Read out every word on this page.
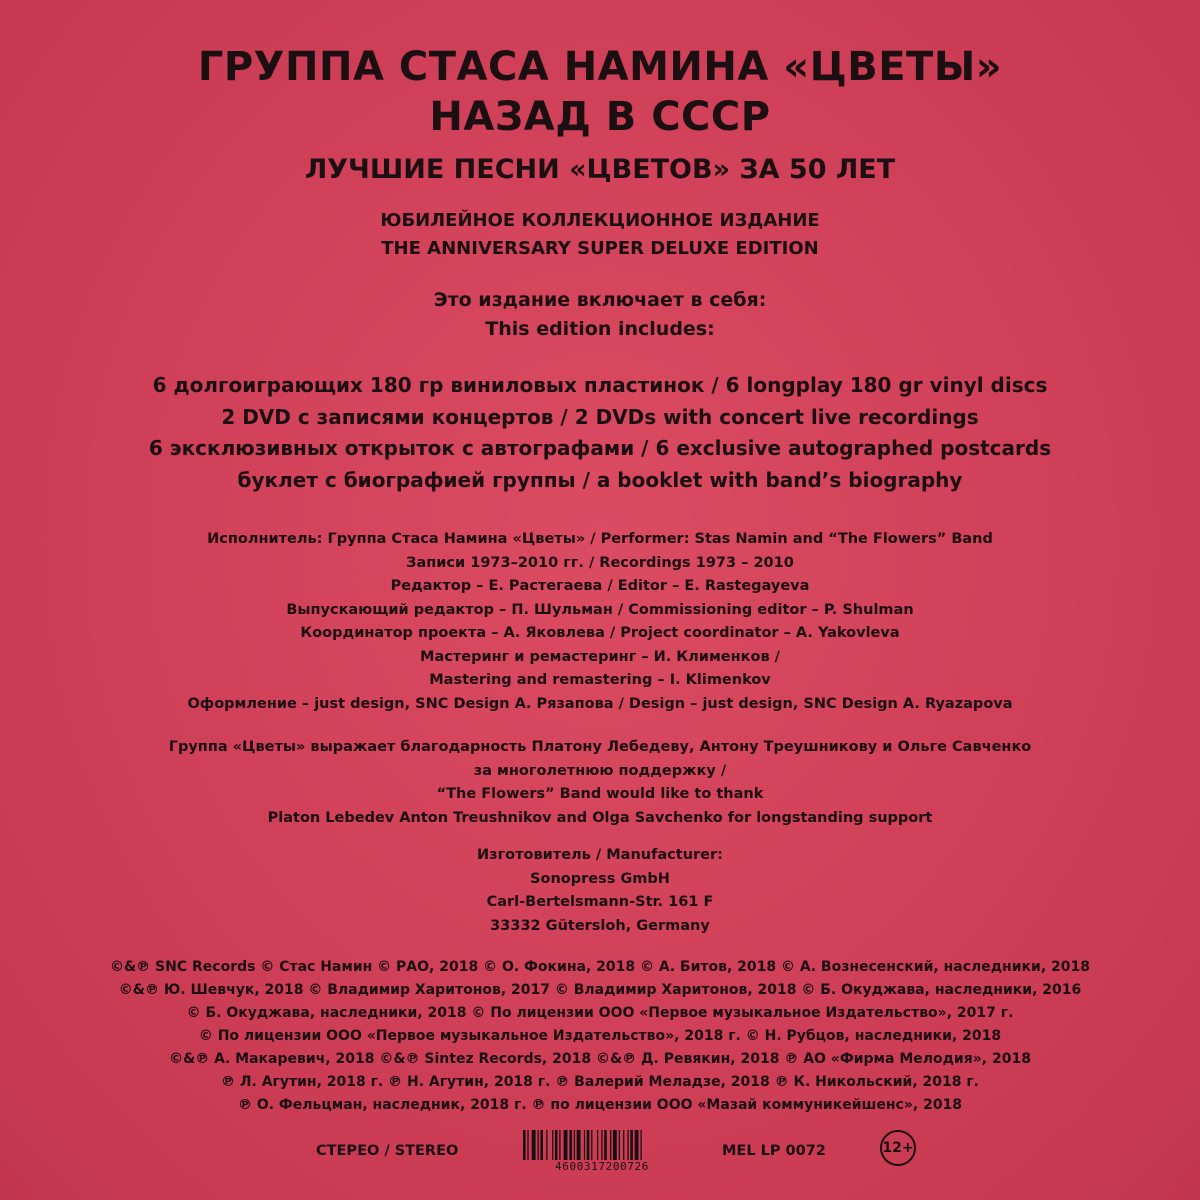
ГРУППА СТАСА НАМИНА «ЦВЕТЫ»
НАЗАД В СССР
ЛУЧШИЕ ПЕСНИ «ЦВЕТОВ» ЗА 50 ЛЕТ
ЮБИЛЕЙНОЕ КОЛЛЕКЦИОННОЕ ИЗДАНИЕ
THE ANNIVERSARY SUPER DELUXE EDITION
Это издание включает в себя:
This edition includes:
6 долгоиграющих 180 гр виниловых пластинок / 6 longplay 180 gr vinyl discs
2 DVD с записями концертов / 2 DVDs with concert live recordings
6 эксклюзивных открыток с автографами / 6 exclusive autographed postcards
буклет с биографией группы / a booklet with band’s biography
Исполнитель: Группа Стаса Намина «Цветы» / Performer: Stas Namin and “The Flowers” Band
Записи 1973–2010 гг. / Recordings 1973 – 2010
Редактор – Е. Растегаева / Editor – E. Rastegayeva
Выпускающий редактор – П. Шульман / Commissioning editor – P. Shulman
Координатор проекта – А. Яковлева / Project coordinator – A. Yakovleva
Мастеринг и ремастеринг – И. Клименков /
Mastering and remastering – I. Klimenkov
Оформление – just design, SNC Design А. Рязапова / Design – just design, SNC Design A. Ryazapova
Группа «Цветы» выражает благодарность Платону Лебедеву, Антону Треушникову и Ольге Савченко
за многолетнюю поддержку /
“The Flowers” Band would like to thank
Platon Lebedev Anton Treushnikov and Olga Savchenko for longstanding support
Изготовитель / Manufacturer:
Sonopress GmbH
Carl-Bertelsmann-Str. 161 F
33332 Gütersloh, Germany
©&℗ SNC Records © Стас Намин © РАО, 2018 © О. Фокина, 2018 © А. Битов, 2018 © А. Вознесенский, наследники, 2018
©&℗ Ю. Шевчук, 2018 © Владимир Харитонов, 2017 © Владимир Харитонов, 2018 © Б. Окуджава, наследники, 2016
© Б. Окуджава, наследники, 2018 © По лицензии ООО «Первое музыкальное Издательство», 2017 г.
© По лицензии ООО «Первое музыкальное Издательство», 2018 г. © Н. Рубцов, наследники, 2018
©&℗ А. Макаревич, 2018 ©&℗ Sintez Records, 2018 ©&℗ Д. Ревякин, 2018 ℗ АО «Фирма Мелодия», 2018
℗ Л. Агутин, 2018 г. ℗ Н. Агутин, 2018 г. ℗ Валерий Меладзе, 2018 ℗ К. Никольский, 2018 г.
℗ О. Фельцман, наследник, 2018 г. ℗ по лицензии ООО «Мазай коммуникейшенс», 2018
СТЕРЕО / STEREO
4600317200726
MEL LP 0072	12+
